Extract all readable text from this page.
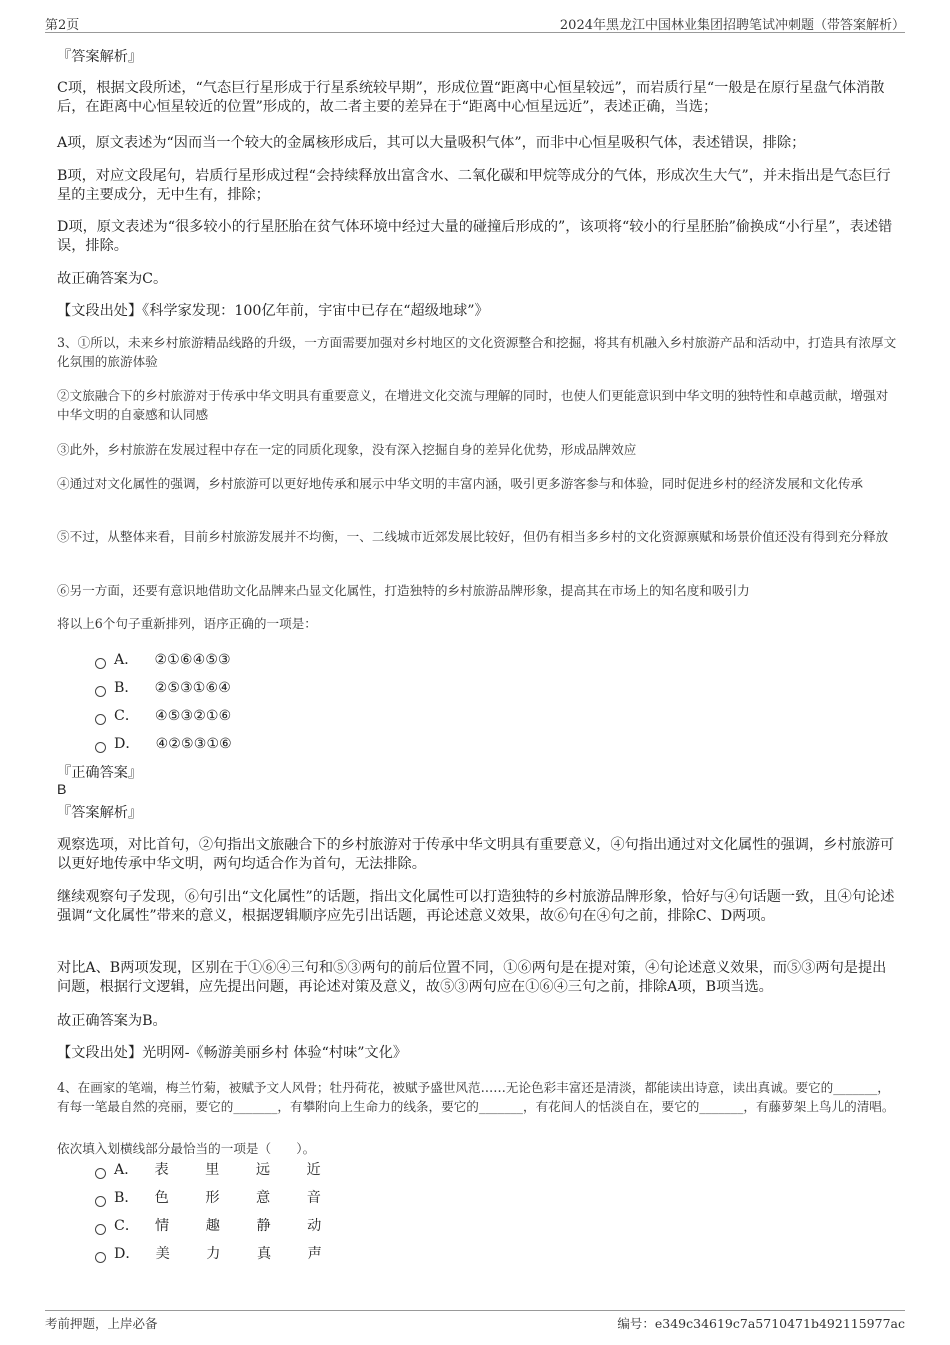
第2页	2024年黑龙江中国林业集团招聘笔试冲刺题（带答案解析）
『答案解析』
C项，根据文段所述，“气态巨行星形成于行星系统较早期”，形成位置“距离中心恒星较远”，而岩质行星“一般是在原行星盘气体消散后，在距离中心恒星较近的位置”形成的，故二者主要的差异在于“距离中心恒星远近”，表述正确，当选；
A项，原文表述为“因而当一个较大的金属核形成后，其可以大量吸积气体”，而非中心恒星吸积气体，表述错误，排除；
B项，对应文段尾句，岩质行星形成过程“会持续释放出富含水、二氧化碳和甲烷等成分的气体，形成次生大气”，并未指出是气态巨行星的主要成分，无中生有，排除；
D项，原文表述为“很多较小的行星胚胎在贫气体环境中经过大量的碰撞后形成的”，该项将“较小的行星胚胎”偷换成“小行星”，表述错误，排除。
故正确答案为C。
【文段出处】《科学家发现：100亿年前，宇宙中已存在“超级地球”》
3、①所以，未来乡村旅游精品线路的升级，一方面需要加强对乡村地区的文化资源整合和挖掘，将其有机融入乡村旅游产品和活动中，打造具有浓厚文化氛围的旅游体验
②文旅融合下的乡村旅游对于传承中华文明具有重要意义，在增进文化交流与理解的同时，也使人们更能意识到中华文明的独特性和卓越贡献，增强对中华文明的自豪感和认同感
③此外，乡村旅游在发展过程中存在一定的同质化现象，没有深入挖掘自身的差异化优势，形成品牌效应
④通过对文化属性的强调，乡村旅游可以更好地传承和展示中华文明的丰富内涵，吸引更多游客参与和体验，同时促进乡村的经济发展和文化传承
⑤不过，从整体来看，目前乡村旅游发展并不均衡，一、二线城市近郊发展比较好，但仍有相当多乡村的文化资源禀赋和场景价值还没有得到充分释放
⑥另一方面，还要有意识地借助文化品牌来凸显文化属性，打造独特的乡村旅游品牌形象，提高其在市场上的知名度和吸引力
将以上6个句子重新排列，语序正确的一项是：
A． ②①⑥④⑤③
B． ②⑤③①⑥④
C． ④⑤③②①⑥
D． ④②⑤③①⑥
『正确答案』
B
『答案解析』
观察选项，对比首句，②句指出文旅融合下的乡村旅游对于传承中华文明具有重要意义，④句指出通过对文化属性的强调，乡村旅游可以更好地传承中华文明，两句均适合作为首句，无法排除。
继续观察句子发现，⑥句引出“文化属性”的话题，指出文化属性可以打造独特的乡村旅游品牌形象，恰好与④句话题一致，且④句论述强调“文化属性”带来的意义，根据逻辑顺序应先引出话题，再论述意义效果，故⑥句在④句之前，排除C、D两项。
对比A、B两项发现，区别在于①⑥④三句和⑤③两句的前后位置不同，①⑥两句是在提对策，④句论述意义效果，而⑤③两句是提出问题，根据行文逻辑，应先提出问题，再论述对策及意义，故⑤③两句应在①⑥④三句之前，排除A项，B项当选。
故正确答案为B。
【文段出处】光明网-《畅游美丽乡村 体验“村味”文化》
4、在画家的笔端，梅兰竹菊，被赋予文人风骨；牡丹荷花，被赋予盛世风范……无论色彩丰富还是清淡，都能读出诗意，读出真诚。要它的_______，有每一笔最自然的亮丽，要它的_______，有攀附向上生命力的线条，要它的_______，有花间人的恬淡自在，要它的_______，有藤萝架上鸟儿的清唱。
依次填入划横线部分最恰当的一项是（　　）。
A． 表 里 远 近
B． 色 形 意 音
C． 情 趣 静 动
D． 美 力 真 声
考前押题，上岸必备	编号：e349c34619c7a5710471b492115977ac
